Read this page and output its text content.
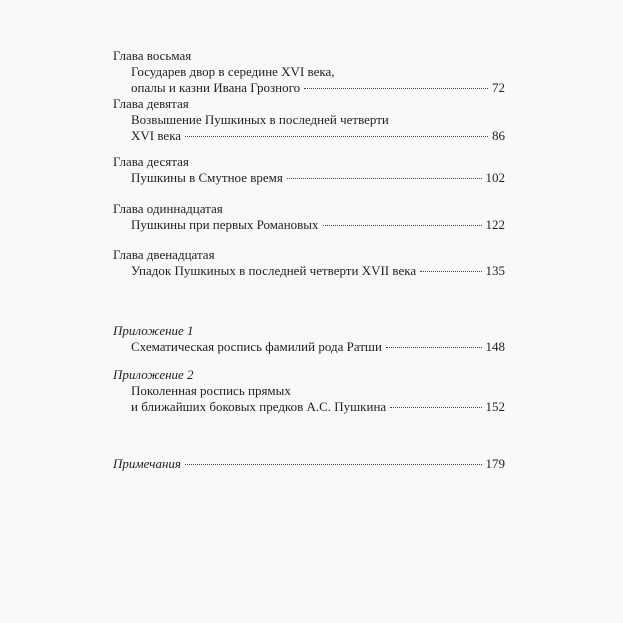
Глава восьмая
Государев двор в середине XVI века,
опалы и казни Ивана Грозного	72
Глава девятая
Возвышение Пушкиных в последней четверти
XVI века	86
Глава десятая
Пушкины в Смутное время	102
Глава одиннадцатая
Пушкины при первых Романовых	122
Глава двенадцатая
Упадок Пушкиных в последней четверти XVII века	135
Приложение 1
Схематическая роспись фамилий рода Ратши	148
Приложение 2
Поколенная роспись прямых
и ближайших боковых предков А.С. Пушкина	152
Примечания	179
